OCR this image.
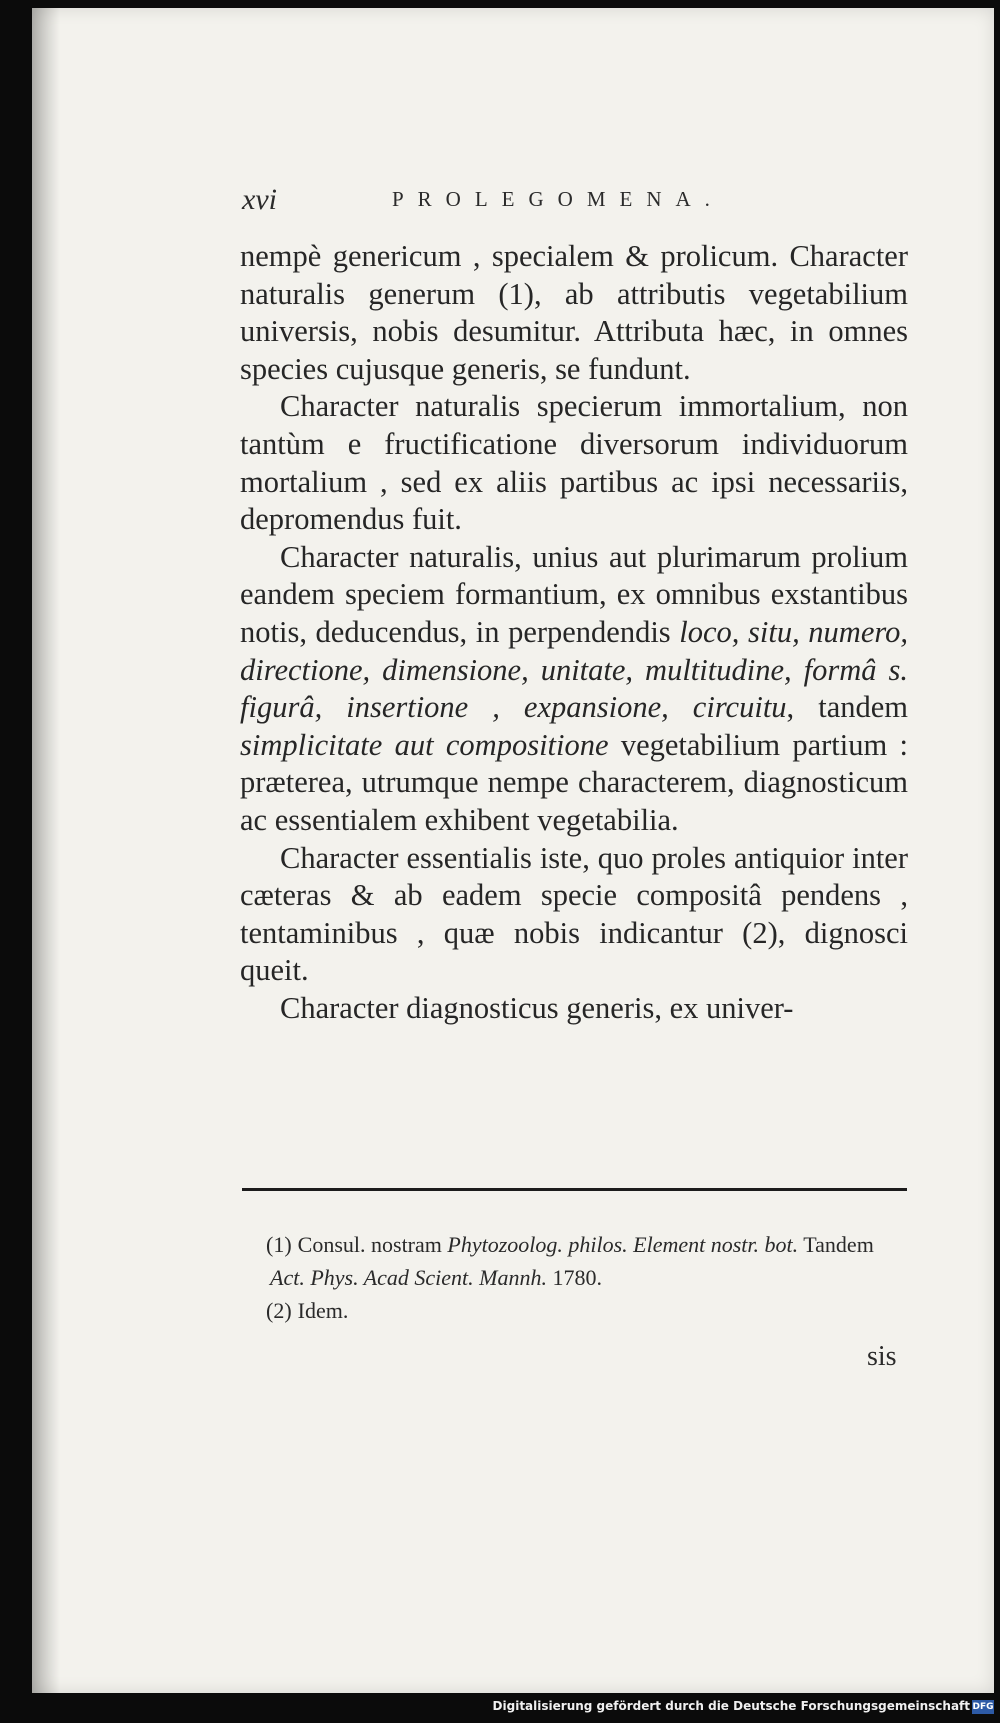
xvi	PROLEGOMENA.

nempè genericum , specialem & prolicum. Character naturalis generum (1), ab attributis vegetabilium universis, nobis desumitur. Attributa hæc, in omnes species cujusque generis, se fundunt.

Character naturalis specierum immortalium, non tantùm e fructificatione diversorum individuorum mortalium , sed ex aliis partibus ac ipsi necessariis, depromendus fuit.

Character naturalis, unius aut plurimarum prolium eandem speciem formantium, ex omnibus exstantibus notis, deducendus, in perpendendis loco, situ, numero, directione, dimensione, unitate, multitudine, formâ s. figurâ, insertione , expansione, circuitu, tandem simplicitate aut compositione vegetabilium partium : præterea, utrumque nempe characterem, diagnosticum ac essentialem exhibent vegetabilia.

Character essentialis iste, quo proles antiquior inter cæteras & ab eadem specie compositâ pendens , tentaminibus , quæ nobis indicantur (2), dignosci queit.

Character diagnosticus generis, ex univer-

(1) Consul. nostram Phytozoolog. philos. Element nostr. bot. Tandem Act. Phys. Acad Scient. Mannh. 1780.

(2) Idem.

sis
Digitalisierung gefördert durch die Deutsche Forschungsgemeinschaft DFG
